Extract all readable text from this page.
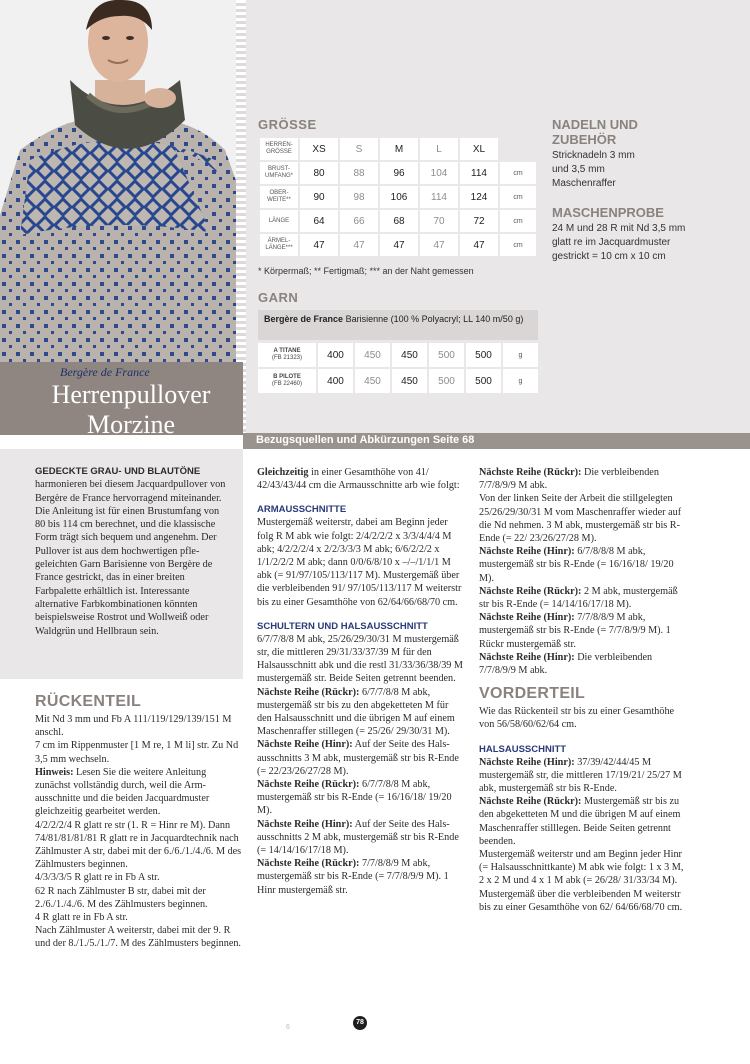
Bergère de France
Herrenpullover
Morzine
Bezugsquellen und Abkürzungen Seite 68
GRÖSSE
HERREN-GRÖSSE	XS	S	M	L	XL	
BRUST-UMFANG*	80	88	96	104	114	cm
OBER-WEITE**	90	98	106	114	124	cm
LÄNGE	64	66	68	70	72	cm
ÄRMEL-LÄNGE***	47	47	47	47	47	cm
* Körpermaß; ** Fertigmaß; *** an der Naht gemessen
GARN
Bergère de France Barisienne (100 % Polyacryl; LL 140 m/50 g)
A TITANE
(FB 21323)	400	450	450	500	500	g

B PILOTE
(FB 22460)	400	450	450	500	500	g
NADELN UND ZUBEHÖR
Stricknadeln 3 mm
und 3,5 mm
Maschenraffer
MASCHENPROBE
24 M und 28 R mit Nd 3,5 mm
glatt re im Jacquardmuster
gestrickt = 10 cm x 10 cm
GEDECKTE GRAU- UND BLAUTÖNE harmonieren bei diesem Jacquardpullover von Bergère de France hervorragend miteinander. Die Anleitung ist für einen Brustumfang von 80 bis 114 cm berechnet, und die klassische Form trägt sich bequem und angenehm. Der Pullover ist aus dem hochwertigen pflegeleichten Garn Barisienne von Bergère de France gestrickt, das in einer breiten Farbpalette erhältlich ist. Interessante alternative Farbkombinationen könnten beispielsweise Rostrot und Wollweiß oder Waldgrün und Hellbraun sein.
RÜCKENTEIL

Mit Nd 3 mm und Fb A 111/119/129/139/151 M anschl.

7 cm im Rippenmuster [1 M re, 1 M li] str. Zu Nd 3,5 mm wechseln.

Hinweis: Lesen Sie die weitere Anleitung zunächst vollständig durch, weil die Armausschnitte und die beiden Jacquardmuster gleichzeitig gearbeitet werden.

4/2/2/2/4 R glatt re str (1. R = Hinr re M). Dann 74/81/81/81/81 R glatt re in Jacquardtechnik nach Zählmuster A str, dabei mit der 6./6./1./4./6. M des Zählmusters beginnen.

4/3/3/3/5 R glatt re in Fb A str.

62 R nach Zählmuster B str, dabei mit der 2./6./1./4./6. M des Zählmusters beginnen.

4 R glatt re in Fb A str.

Nach Zählmuster A weiterstr, dabei mit der 9. R und der 8./1./5./1./7. M des Zählmusters beginnen.

Gleichzeitig in einer Gesamthöhe von 41/ 42/43/43/44 cm die Armausschnitte arb wie folgt:

ARMAUSSCHNITTE

Mustergemäß weiterstr, dabei am Beginn jeder folg R M abk wie folgt: 2/4/2/2/2 x 3/3/4/4/4 M abk; 4/2/2/2/4 x 2/2/3/3/3 M abk; 6/6/2/2/2 x 1/1/2/2/2 M abk; dann 0/0/6/8/10 x –/–/1/1/1 M abk (= 91/97/105/113/117 M). Mustergemäß über die verbleibenden 91/ 97/105/113/117 M weiterstr bis zu einer Gesamthöhe von 62/64/66/68/70 cm.

SCHULTERN UND HALSAUSSCHNITT

6/7/7/8/8 M abk, 25/26/29/30/31 M mustergemäß str, die mittleren 29/31/33/37/39 M für den Halsausschnitt abk und die restl 31/33/36/38/39 M mustergemäß str. Beide Seiten getrennt beenden.

Nächste Reihe (Rückr): 6/7/7/8/8 M abk, mustergemäß str bis zu den abgeketteten M für den Halsausschnitt und die übrigen M auf einem Maschenraffer stillegen (= 25/26/ 29/30/31 M).

Nächste Reihe (Hinr): Auf der Seite des Halsausschnitts 3 M abk, mustergemäß str bis R-Ende (= 22/23/26/27/28 M).

Nächste Reihe (Rückr): 6/7/7/8/8 M abk, mustergemäß str bis R-Ende (= 16/16/18/ 19/20 M).

Nächste Reihe (Hinr): Auf der Seite des Halsausschnitts 2 M abk, mustergemäß str bis R-Ende (= 14/14/16/17/18 M).

Nächste Reihe (Rückr): 7/7/8/8/9 M abk, mustergemäß str bis R-Ende (= 7/7/8/9/9 M). 1 Hinr mustergemäß str.

Nächste Reihe (Rückr): Die verbleibenden 7/7/8/9/9 M abk.

Von der linken Seite der Arbeit die stillgelegten 25/26/29/30/31 M vom Maschenraffer wieder auf die Nd nehmen. 3 M abk, mustergemäß str bis R-Ende (= 22/ 23/26/27/28 M).

Nächste Reihe (Hinr): 6/7/8/8/8 M abk, mustergemäß str bis R-Ende (= 16/16/18/ 19/20 M).

Nächste Reihe (Rückr): 2 M abk, mustergemäß str bis R-Ende (= 14/14/16/17/18 M).

Nächste Reihe (Hinr): 7/7/8/8/9 M abk, mustergemäß str bis R-Ende (= 7/7/8/9/9 M). 1 Rückr mustergemäß str.

Nächste Reihe (Hinr): Die verbleibenden 7/7/8/9/9 M abk.

VORDERTEIL

Wie das Rückenteil str bis zu einer Gesamthöhe von 56/58/60/62/64 cm.

HALSAUSSCHNITT

Nächste Reihe (Hinr): 37/39/42/44/45 M mustergemäß str, die mittleren 17/19/21/ 25/27 M abk, mustergemäß str bis R-Ende.

Nächste Reihe (Rückr): Mustergemäß str bis zu den abgeketteten M und die übrigen M auf einem Maschenraffer stilllegen. Beide Seiten getrennt beenden.

Mustergemäß weiterstr und am Beginn jeder Hinr (= Halsausschnittkante) M abk wie folgt: 1 x 3 M, 2 x 2 M und 4 x 1 M abk (= 26/28/ 31/33/34 M).

Mustergemäß über die verbleibenden M weiterstr bis zu einer Gesamthöhe von 62/ 64/66/68/70 cm.

6
78
